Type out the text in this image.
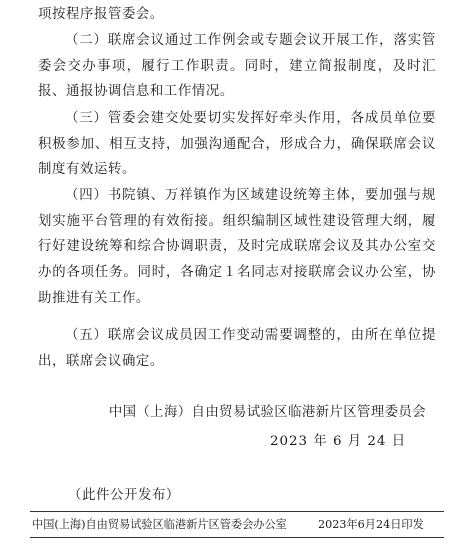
项按程序报管委会。

（二）联席会议通过工作例会或专题会议开展工作，落实管委会交办事项，履行工作职责。同时，建立简报制度，及时汇报、通报协调信息和工作情况。

（三）管委会建交处要切实发挥好牵头作用，各成员单位要积极参加、相互支持，加强沟通配合，形成合力，确保联席会议制度有效运转。

（四）书院镇、万祥镇作为区域建设统筹主体，要加强与规划实施平台管理的有效衔接。组织编制区域性建设管理大纲，履行好建设统筹和综合协调职责，及时完成联席会议及其办公室交办的各项任务。同时，各确定１名同志对接联席会议办公室，协助推进有关工作。

（五）联席会议成员因工作变动需要调整的，由所在单位提出，联席会议确定。

中国（上海）自由贸易试验区临港新片区管理委员会
2023 年 6 月 24 日
（此件公开发布）
中国(上海)自由贸易试验区临港新片区管委会办公室	2023年6月24日印发
